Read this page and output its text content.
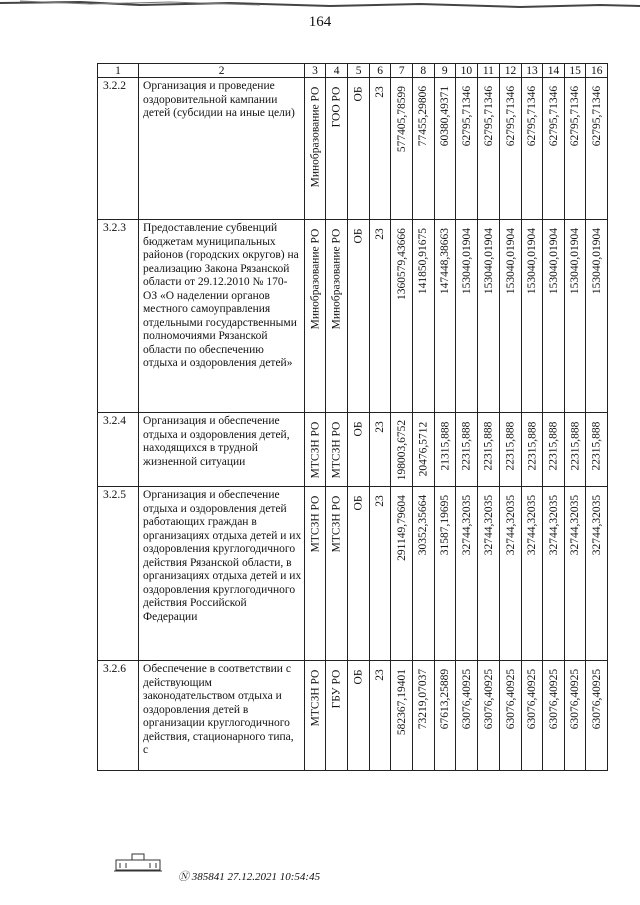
164
1	2	3	4	5	6	7	8	9	10	11	12	13	14	15	16
3.2.2	Организация и проведение оздоровительной кампании детей (субсидии на иные цели)	Минобразование РО	ГОО РО	ОБ	23	577405,78599	77455,29806	60380,49371	62795,71346	62795,71346	62795,71346	62795,71346	62795,71346	62795,71346	62795,71346

3.2.3	Предоставление субвенций бюджетам муниципальных районов (городских округов) на реализацию Закона Рязанской области от 29.12.2010 № 170-ОЗ «О наделении органов местного самоуправления отдельными государственными полномочиями Рязанской области по обеспечению отдыха и оздоровления детей»	Минобразование РО	Минобразование РО	ОБ	23	1360579,43666	141850,91675	147448,38663	153040,01904	153040,01904	153040,01904	153040,01904	153040,01904	153040,01904	153040,01904

3.2.4	Организация и обеспечение отдыха и оздоровления детей, находящихся в трудной жизненной ситуации	МТСЗН РО	МТСЗН РО	ОБ	23	198003,6752	20476,5712	21315,888	22315,888	22315,888	22315,888	22315,888	22315,888	22315,888	22315,888

3.2.5	Организация и обеспечение отдыха и оздоровления детей работающих граждан в организациях отдыха детей и их оздоровления круглогодичного действия Рязанской области, в организациях отдыха детей и их оздоровления круглогодичного действия Российской Федерации	МТСЗН РО	МТСЗН РО	ОБ	23	291149,79604	30352,35664	31587,19695	32744,32035	32744,32035	32744,32035	32744,32035	32744,32035	32744,32035	32744,32035

3.2.6	Обеспечение в соответствии с действующим законодательством отдыха и оздоровления детей в организации круглогодичного действия, стационарного типа, с	МТСЗН РО	ГБУ РО	ОБ	23	582367,19401	73219,07037	67613,25889	63076,40925	63076,40925	63076,40925	63076,40925	63076,40925	63076,40925	63076,40925
Ⓝ 385841 27.12.2021 10:54:45
